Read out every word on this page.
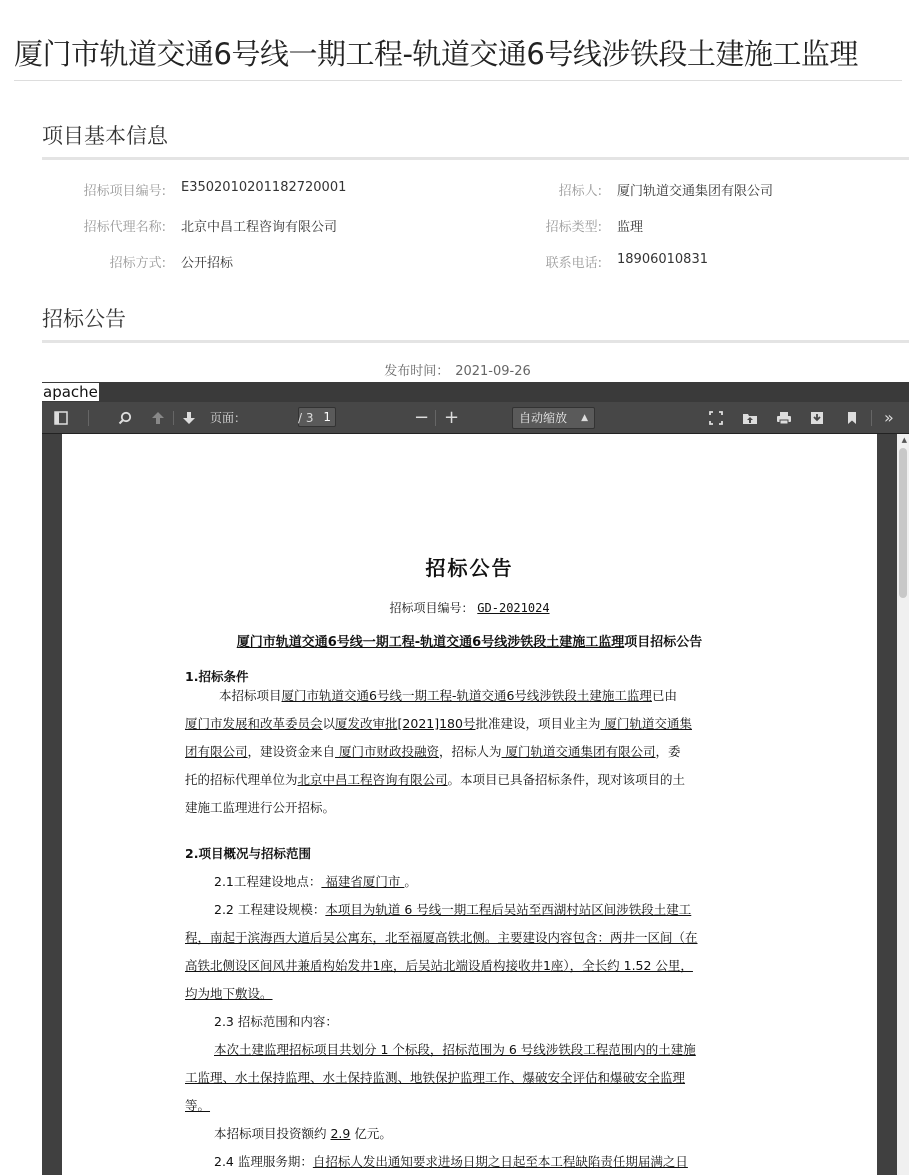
厦门市轨道交通6号线一期工程-轨道交通6号线涉铁段土建施工监理
项目基本信息
招标项目编号: E3502010201182720001	招标人: 厦门轨道交通集团有限公司
招标代理名称: 北京中昌工程咨询有限公司	招标类型: 监理
招标方式: 公开招标	联系电话: 18906010831
招标公告
发布时间： 2021-09-26
apache
页面：	1
/ 3	− +	自动缩放 ▲	»
招标公告
招标项目编号： GD-2021024
厦门市轨道交通6号线一期工程-轨道交通6号线涉铁段土建施工监理项目招标公告
1.招标条件
本招标项目厦门市轨道交通6号线一期工程-轨道交通6号线涉铁段土建施工监理已由
厦门市发展和改革委员会以厦发改审批[2021]180号批准建设，项目业主为 厦门轨道交通集
团有限公司，建设资金来自 厦门市财政投融资，招标人为 厦门轨道交通集团有限公司，委
托的招标代理单位为北京中昌工程咨询有限公司。本项目已具备招标条件，现对该项目的土
建施工监理进行公开招标。
2.项目概况与招标范围
2.1工程建设地点： 福建省厦门市 。
2.2 工程建设规模：本项目为轨道 6 号线一期工程后吴站至西湖村站区间涉铁段土建工
程，南起于滨海西大道后吴公寓东，北至福厦高铁北侧。主要建设内容包含：两井一区间（在
高铁北侧设区间风井兼盾构始发井1座，后吴站北端设盾构接收井1座），全长约 1.52 公里，
均为地下敷设。
2.3 招标范围和内容：
本次土建监理招标项目共划分 1 个标段，招标范围为 6 号线涉铁段工程范围内的土建施
工监理、水土保持监理、水土保持监测、地铁保护监理工作、爆破安全评估和爆破安全监理
等。
本招标项目投资额约 2.9 亿元。
2.4 监理服务期：自招标人发出通知要求进场日期之日起至本工程缺陷责任期届满之日
▲
